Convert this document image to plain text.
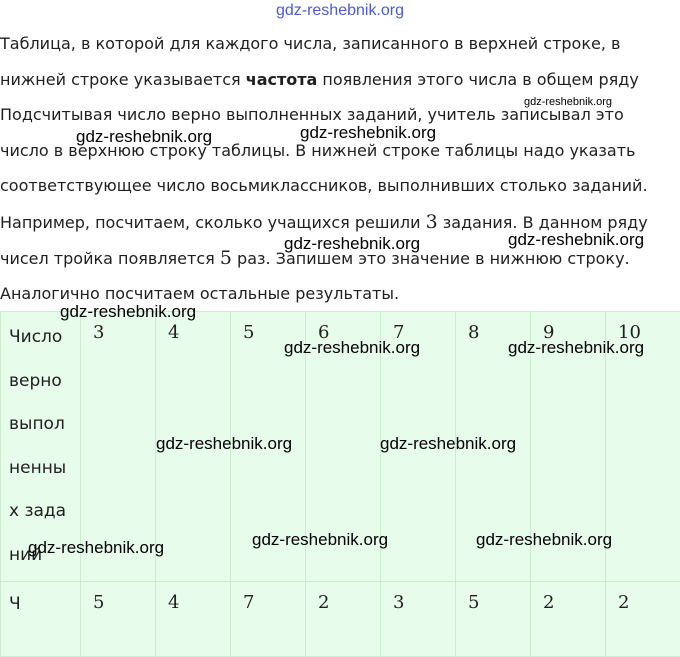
gdz-reshebnik.org

Таблица, в которой для каждого числа, записанного в верхней строке, в

нижней строке указывается частота появления этого числа в общем ряду

Подсчитывая число верно выполненных заданий, учитель записывал это

число в верхнюю строку таблицы. В нижней строке таблицы надо указать

соответствующее число восьмиклассников, выполнивших столько заданий.

Например, посчитаем, сколько учащихся решили 3 задания. В данном ряду

чисел тройка появляется 5 раз. Запишем это значение в нижнюю строку.

Аналогично посчитаем остальные результаты.

Число верно выполненных заданий	3	4	5	6	7	8	9	10
Ч	5	4	7	2	3	5	2	2
gdz-reshebnik.org
gdz-reshebnik.org	gdz-reshebnik.org
gdz-reshebnik.org	gdz-reshebnik.org
gdz-reshebnik.org
gdz-reshebnik.org	gdz-reshebnik.org
gdz-reshebnik.org	gdz-reshebnik.org
gdz-reshebnik.org	gdz-reshebnik.org	gdz-reshebnik.org
